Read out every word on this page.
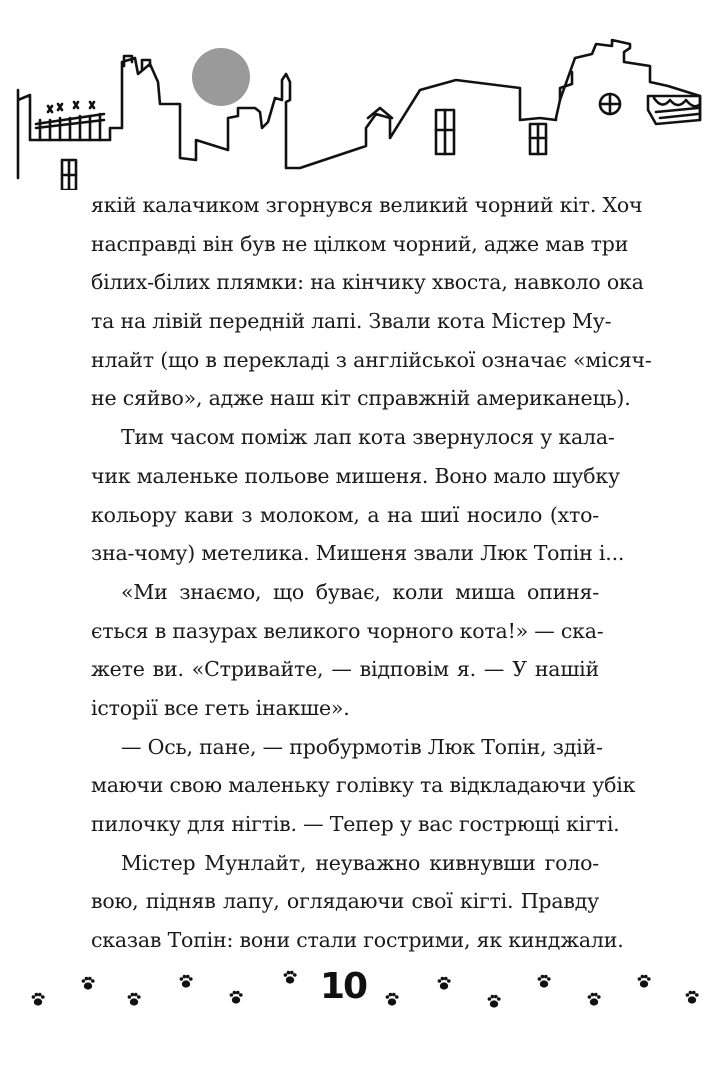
якій калачиком згорнувся великий чорний кіт. Хоч
насправді він був не цілком чорний, адже мав три
білих-білих плямки: на кінчику хвоста, навколо ока
та на лівій передній лапі. Звали кота Містер Му-
нлайт (що в перекладі з англійської означає «місяч-
не сяйво», адже наш кіт справжній американець).
Тим часом поміж лап кота звернулося у кала-
чик маленьке польове мишеня. Воно мало шубку
кольору кави з молоком, а на шиї носило (хто-
зна-чому) метелика. Мишеня звали Люк Топін і...
«Ми знаємо, що буває, коли миша опиня-
ється в пазурах великого чорного кота!» — ска-
жете ви. «Стривайте, — відповім я. — У нашій
історії все геть інакше».
— Ось, пане, — пробурмотів Люк Топін, здій-
маючи свою маленьку голівку та відкладаючи убік
пилочку для нігтів. — Тепер у вас гострющі кігті.
Містер Мунлайт, неуважно кивнувши голо-
вою, підняв лапу, оглядаючи свої кігті. Правду
сказав Топін: вони стали гострими, як кинджали.
10
